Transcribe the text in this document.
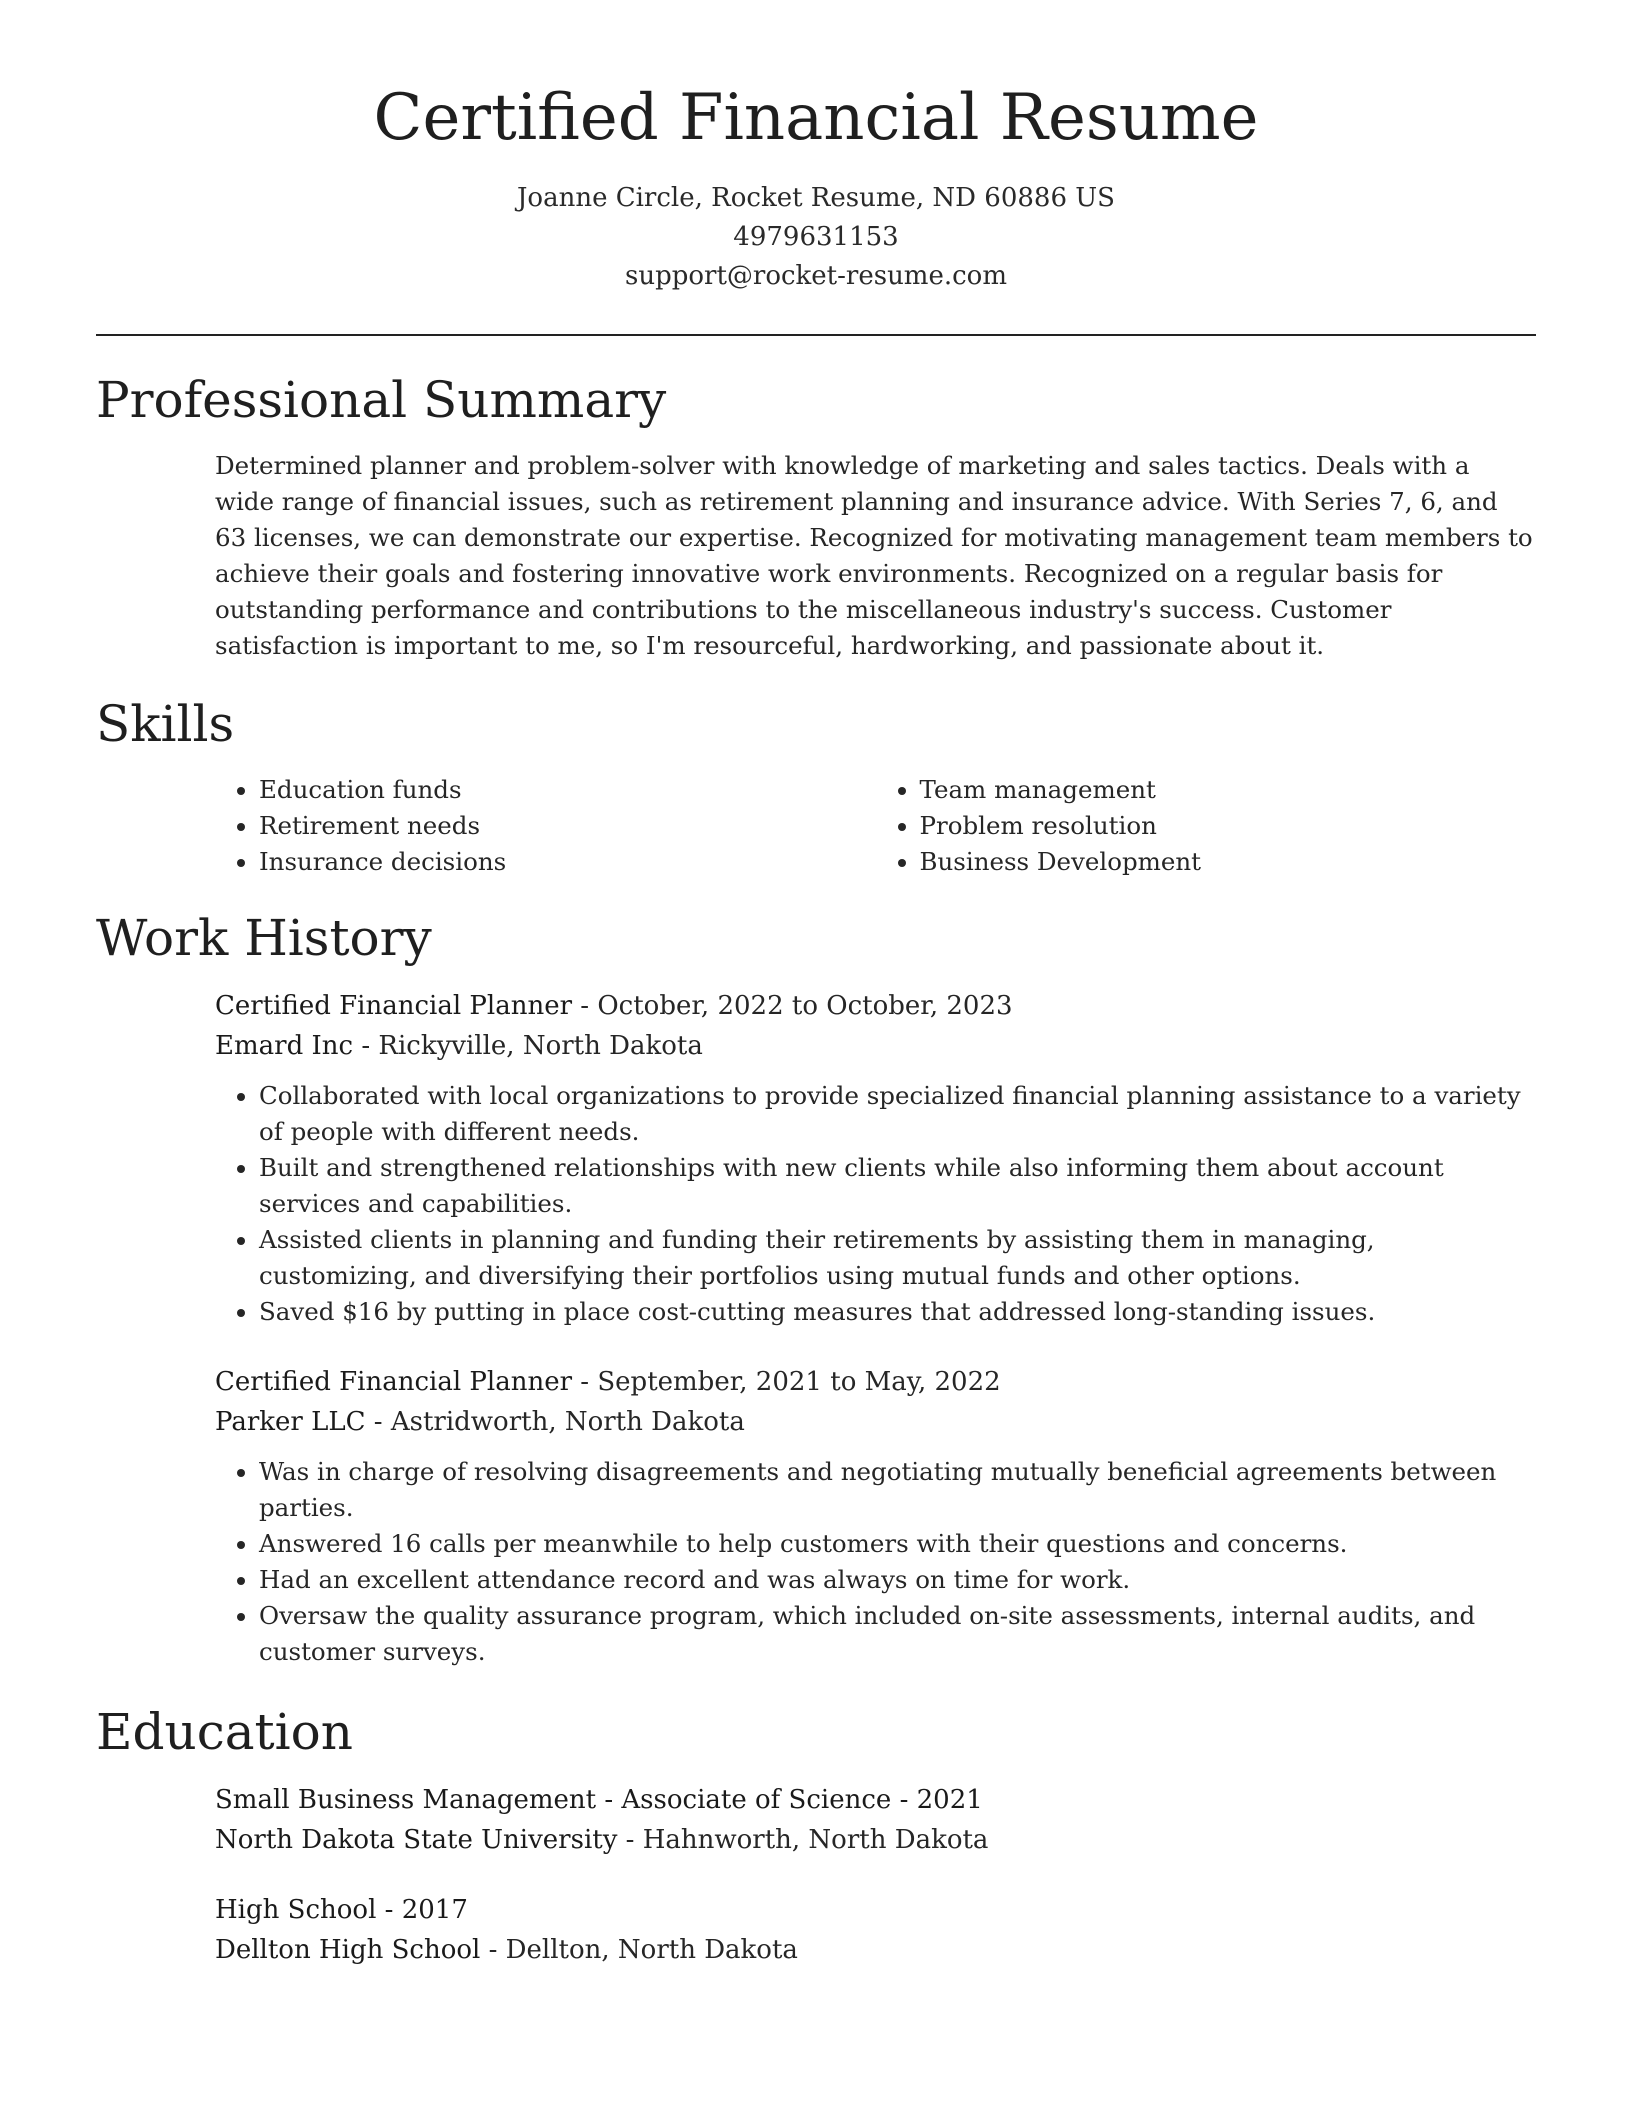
Certified Financial Resume

Joanne Circle, Rocket Resume, ND 60886 US

4979631153

support@rocket-resume.com

Professional Summary

Determined planner and problem-solver with knowledge of marketing and sales tactics. Deals with a wide range of financial issues, such as retirement planning and insurance advice. With Series 7, 6, and 63 licenses, we can demonstrate our expertise. Recognized for motivating management team members to achieve their goals and fostering innovative work environments. Recognized on a regular basis for outstanding performance and contributions to the miscellaneous industry's success. Customer satisfaction is important to me, so I'm resourceful, hardworking, and passionate about it.

Skills
• Education funds
• Retirement needs
• Insurance decisions
• Team management
• Problem resolution
• Business Development
Work History

Certified Financial Planner - October, 2022 to October, 2023

Emard Inc - Rickyville, North Dakota

• Collaborated with local organizations to provide specialized financial planning assistance to a variety of people with different needs.
• Built and strengthened relationships with new clients while also informing them about account services and capabilities.
• Assisted clients in planning and funding their retirements by assisting them in managing, customizing, and diversifying their portfolios using mutual funds and other options.
• Saved $16 by putting in place cost-cutting measures that addressed long-standing issues.

Certified Financial Planner - September, 2021 to May, 2022

Parker LLC - Astridworth, North Dakota

• Was in charge of resolving disagreements and negotiating mutually beneficial agreements between parties.
• Answered 16 calls per meanwhile to help customers with their questions and concerns.
• Had an excellent attendance record and was always on time for work.
• Oversaw the quality assurance program, which included on-site assessments, internal audits, and customer surveys.
Education

Small Business Management - Associate of Science - 2021

North Dakota State University - Hahnworth, North Dakota

High School - 2017

Dellton High School - Dellton, North Dakota
